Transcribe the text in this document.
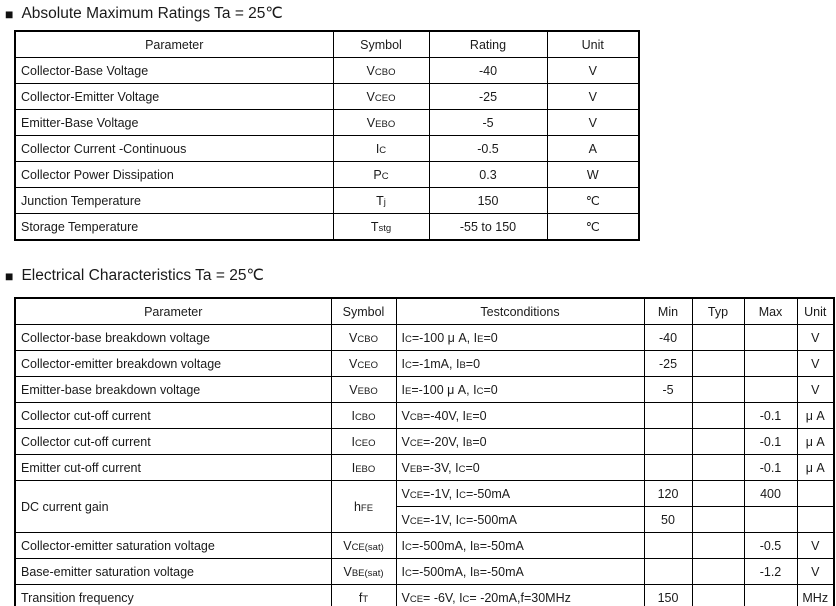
■ Absolute Maximum Ratings Ta = 25℃
Parameter	Symbol	Rating	Unit
Collector-Base Voltage	VCBO	-40	V
Collector-Emitter Voltage	VCEO	-25	V
Emitter-Base Voltage	VEBO	-5	V
Collector Current -Continuous	IC	-0.5	A
Collector Power Dissipation	PC	0.3	W
Junction Temperature	Tj	150	℃
Storage Temperature	Tstg	-55 to 150	℃
■ Electrical Characteristics Ta = 25℃
Parameter	Symbol	Testconditions	Min	Typ	Max	Unit
Collector-base breakdown voltage	VCBO	IC=-100 μ A, IE=0	-40			V
Collector-emitter breakdown voltage	VCEO	IC=-1mA, IB=0	-25			V
Emitter-base breakdown voltage	VEBO	IE=-100 μ A, IC=0	-5			V
Collector cut-off current	ICBO	VCB=-40V, IE=0			-0.1	μ A
Collector cut-off current	ICEO	VCE=-20V, IB=0			-0.1	μ A
Emitter cut-off current	IEBO	VEB=-3V, IC=0			-0.1	μ A
DC current gain	hFE	VCE=-1V, IC=-50mA	120		400	
		VCE=-1V, IC=-500mA	50			
Collector-emitter saturation voltage	VCE(sat)	IC=-500mA, IB=-50mA			-0.5	V
Base-emitter saturation voltage	VBE(sat)	IC=-500mA, IB=-50mA			-1.2	V
Transition frequency	fT	VCE= -6V, IC= -20mA,f=30MHz	150			MHz
